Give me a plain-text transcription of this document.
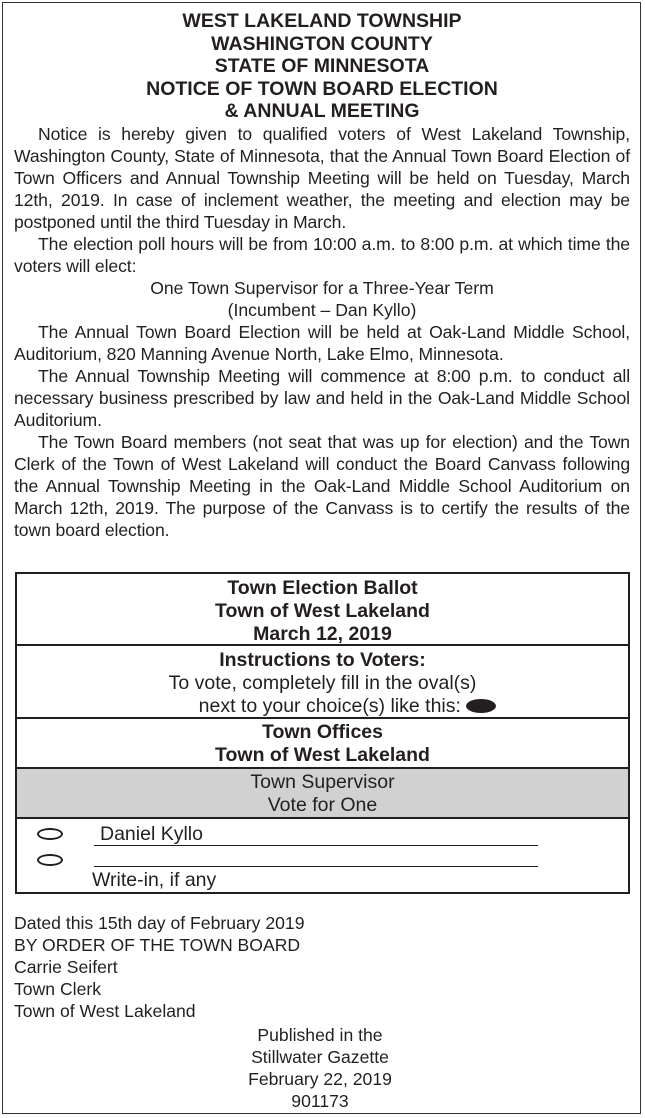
WEST LAKELAND TOWNSHIP
WASHINGTON COUNTY
STATE OF MINNESOTA
NOTICE OF TOWN BOARD ELECTION
& ANNUAL MEETING

Notice is hereby given to qualified voters of West Lakeland Township, Washington County, State of Minnesota, that the Annual Town Board Election of Town Officers and Annual Township Meeting will be held on Tuesday, March 12th, 2019. In case of inclement weather, the meeting and election may be postponed until the third Tuesday in March.

The election poll hours will be from 10:00 a.m. to 8:00 p.m. at which time the voters will elect:

One Town Supervisor for a Three-Year Term

(Incumbent – Dan Kyllo)

The Annual Town Board Election will be held at Oak-Land Middle School, Auditorium, 820 Manning Avenue North, Lake Elmo, Minnesota.

The Annual Township Meeting will commence at 8:00 p.m. to conduct all necessary business prescribed by law and held in the Oak-Land Middle School Auditorium.

The Town Board members (not seat that was up for election) and the Town Clerk of the Town of West Lakeland will conduct the Board Canvass following the Annual Township Meeting in the Oak-Land Middle School Auditorium on March 12th, 2019. The purpose of the Canvass is to certify the results of the town board election.

Town Election Ballot
Town of West Lakeland
March 12, 2019
Instructions to Voters:
To vote, completely fill in the oval(s)
next to your choice(s) like this:
Town Offices
Town of West Lakeland
Town Supervisor
Vote for One
Daniel Kyllo
Write-in, if any
Dated this 15th day of February 2019
BY ORDER OF THE TOWN BOARD
Carrie Seifert
Town Clerk
Town of West Lakeland
Published in the
Stillwater Gazette
February 22, 2019
901173
